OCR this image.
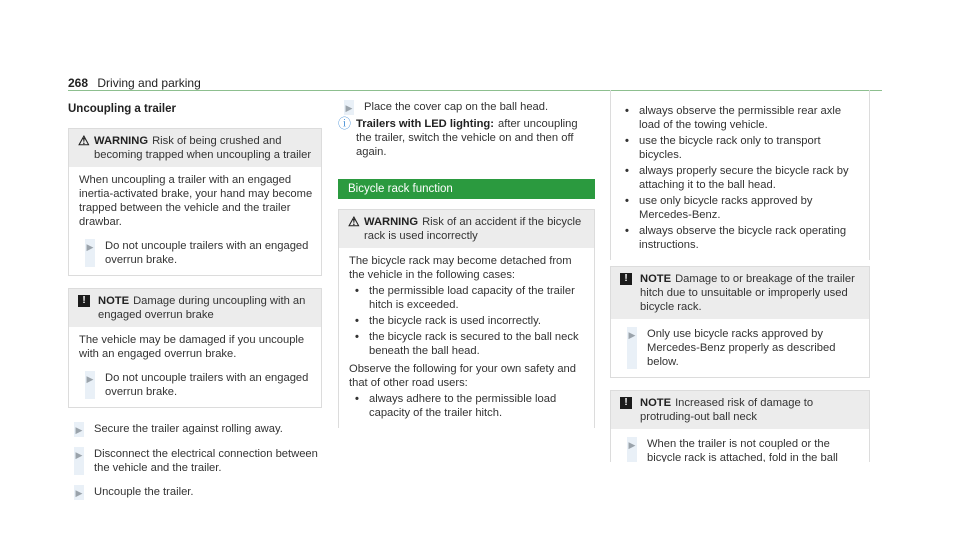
268 Driving and parking
Uncoupling a trailer
⚠ WARNING Risk of being crushed and becoming trapped when uncoupling a trailer

When uncoupling a trailer with an engaged inertia-activated brake, your hand may become trapped between the vehicle and the trailer drawbar.

▶ Do not uncouple trailers with an engaged overrun brake.
!	NOTE Damage during uncoupling with an engaged overrun brake

The vehicle may be damaged if you uncouple with an engaged overrun brake.

▶ Do not uncouple trailers with an engaged overrun brake.
▶ Secure the trailer against rolling away.
▶ Disconnect the electrical connection between the vehicle and the trailer.
▶ Uncouple the trailer.
▶ Place the cover cap on the ball head.
ⓘ Trailers with LED lighting: after uncoupling the trailer, switch the vehicle on and then off again.
Bicycle rack function
⚠ WARNING Risk of an accident if the bicycle rack is used incorrectly

The bicycle rack may become detached from the vehicle in the following cases:

• the permissible load capacity of the trailer hitch is exceeded.
• the bicycle rack is used incorrectly.
• the bicycle rack is secured to the ball neck beneath the ball head.

Observe the following for your own safety and that of other road users:

• always adhere to the permissible load capacity of the trailer hitch.
• always observe the permissible rear axle load of the towing vehicle.
• use the bicycle rack only to transport bicycles.
• always properly secure the bicycle rack by attaching it to the ball head.
• use only bicycle racks approved by Mercedes-Benz.
• always observe the bicycle rack operating instructions.
!	NOTE Damage to or breakage of the trailer hitch due to unsuitable or improperly used bicycle rack.
▶ Only use bicycle racks approved by Mercedes-Benz properly as described below.
!	NOTE Increased risk of damage to protruding-out ball neck
▶ When the trailer is not coupled or the bicycle rack is attached, fold in the ball
